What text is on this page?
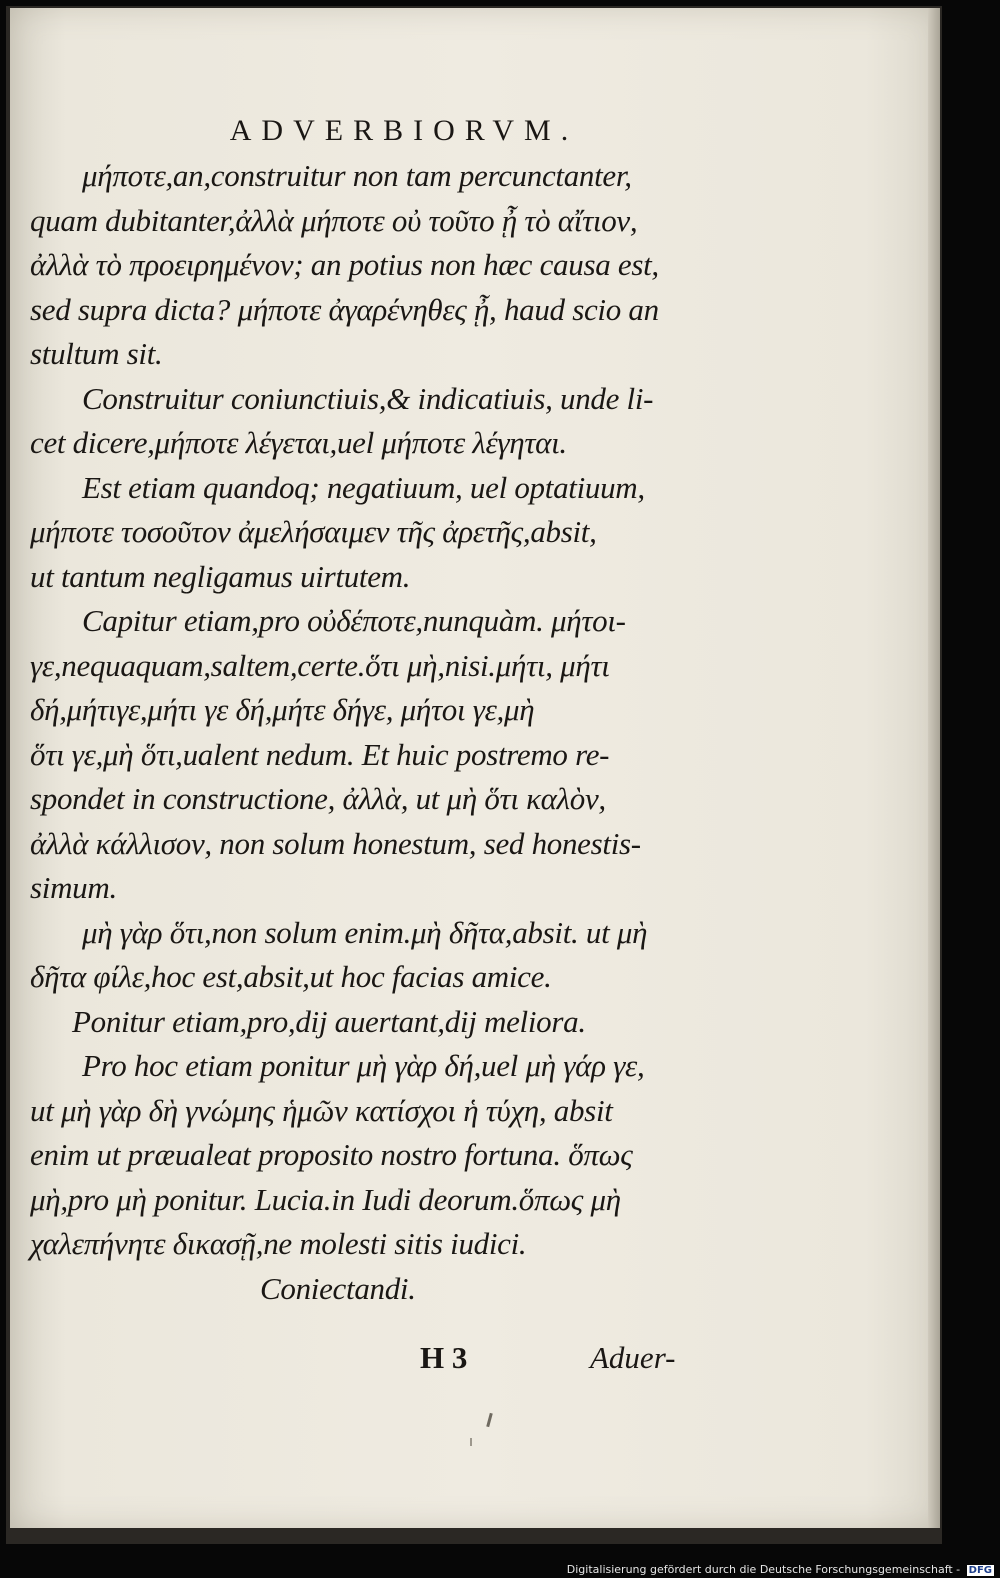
ADVERBIORVM.
μήποτε,an,construitur non tam percunctanter,
quam dubitanter,ἀλλὰ μήποτε οὐ τοῦτο ᾖ τὸ αἴτιον,
ἀλλὰ τὸ προειρημένον; an potius non hæc causa est,
sed supra dicta? μήποτε ἀγαρένηθες ᾖ, haud scio an
stultum sit.
Construitur coniunctiuis,& indicatiuis, unde li-
cet dicere,μήποτε λέγεται,uel μήποτε λέγηται.
Est etiam quandoq; negatiuum, uel optatiuum,
μήποτε τοσοῦτον ἀμελήσαιμεν τῆς ἀρετῆς,absit,
ut tantum negligamus uirtutem.
Capitur etiam,pro οὐδέποτε,nunquàm. μήτοι-
γε,nequaquam,saltem,certe.ὅτι μὴ,nisi.μήτι, μήτι
δή,μήτιγε,μήτι γε δή,μήτε δήγε, μήτοι γε,μὴ
ὅτι γε,μὴ ὅτι,ualent nedum. Et huic postremo re-
spondet in constructione, ἀλλὰ, ut μὴ ὅτι καλὸν,
ἀλλὰ κάλλισον, non solum honestum, sed honestis-
simum.
μὴ γὰρ ὅτι,non solum enim.μὴ δῆτα,absit. ut μὴ
δῆτα φίλε,hoc est,absit,ut hoc facias amice.
Ponitur etiam,pro,dij auertant,dij meliora.
Pro hoc etiam ponitur μὴ γὰρ δή,uel μὴ γάρ γε,
ut μὴ γὰρ δὴ γνώμης ἡμῶν κατίσχοι ἡ τύχη, absit
enim ut præualeat proposito nostro fortuna. ὅπως
μὴ,pro μὴ ponitur. Lucia.in Iudi deorum.ὅπως μὴ
χαλεπήνητε δικασῇ,ne molesti sitis iudici.
Coniectandi.
H 3	Aduer-
Digitalisierung gefördert durch die Deutsche Forschungsgemeinschaft - DFG
